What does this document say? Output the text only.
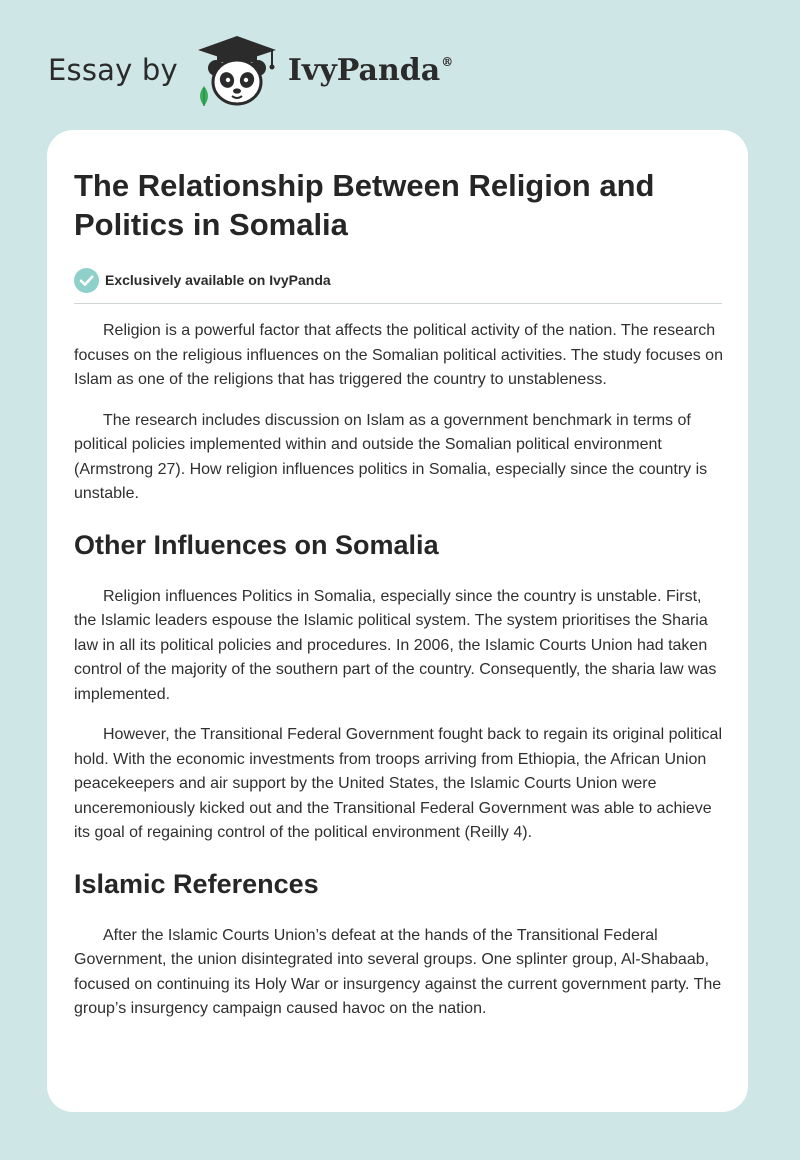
Essay by	IvyPanda®
The Relationship Between Religion and Politics in Somalia
Exclusively available on IvyPanda

Religion is a powerful factor that affects the political activity of the nation. The research focuses on the religious influences on the Somalian political activities. The study focuses on Islam as one of the religions that has triggered the country to unstableness.

The research includes discussion on Islam as a government benchmark in terms of political policies implemented within and outside the Somalian political environment (Armstrong 27). How religion influences politics in Somalia, especially since the country is unstable.

Other Influences on Somalia

Religion influences Politics in Somalia, especially since the country is unstable. First, the Islamic leaders espouse the Islamic political system. The system prioritises the Sharia law in all its political policies and procedures. In 2006, the Islamic Courts Union had taken control of the majority of the southern part of the country. Consequently, the sharia law was implemented.

However, the Transitional Federal Government fought back to regain its original political hold. With the economic investments from troops arriving from Ethiopia, the African Union peacekeepers and air support by the United States, the Islamic Courts Union were unceremoniously kicked out and the Transitional Federal Government was able to achieve its goal of regaining control of the political environment (Reilly 4).

Islamic References

After the Islamic Courts Union’s defeat at the hands of the Transitional Federal Government, the union disintegrated into several groups. One splinter group, Al-Shabaab, focused on continuing its Holy War or insurgency against the current government party. The group’s insurgency campaign caused havoc on the nation.
